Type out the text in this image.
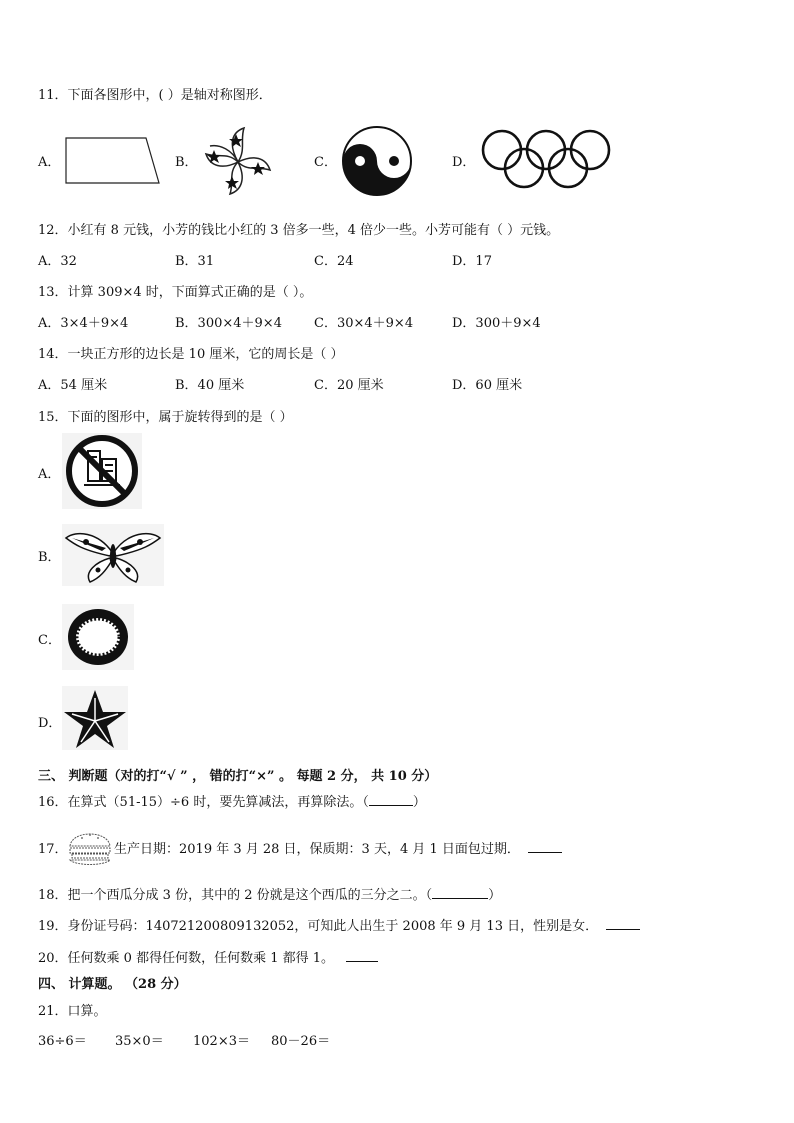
11．下面各图形中，( ）是轴对称图形．
A．	B．	C．	D．
12．小红有 8 元钱，小芳的钱比小红的 3 倍多一些，4 倍少一些。小芳可能有（ ）元钱。
A．32	B．31	C．24	D．17
13．计算 309×4 时，下面算式正确的是（ ）。
A．3×4＋9×4	B．300×4＋9×4 C．30×4＋9×4	D．300＋9×4
14．一块正方形的边长是 10 厘米，它的周长是（ ）
A．54 厘米	B．40 厘米	C．20 厘米	D．60 厘米
15．下面的图形中，属于旋转得到的是（ ）
A．
B．
C．
D．
三、 判断题（对的打“√ ” ， 错的打“×” 。 每题 2 分， 共 10 分）
16．在算式（51-15）÷6 时，要先算减法，再算除法。（	）
17．	生产日期：2019 年 3 月 28 日，保质期：3 天，4 月 1 日面包过期．
18．把一个西瓜分成 3 份，其中的 2 份就是这个西瓜的三分之二。（	）
19．身份证号码：140721200809132052，可知此人出生于 2008 年 9 月 13 日，性别是女．
20．任何数乘 0 都得任何数，任何数乘 1 都得 1。
四、 计算题。 （28 分）
21．口算。
36÷6＝ 35×0＝ 102×3＝ 80－26＝
